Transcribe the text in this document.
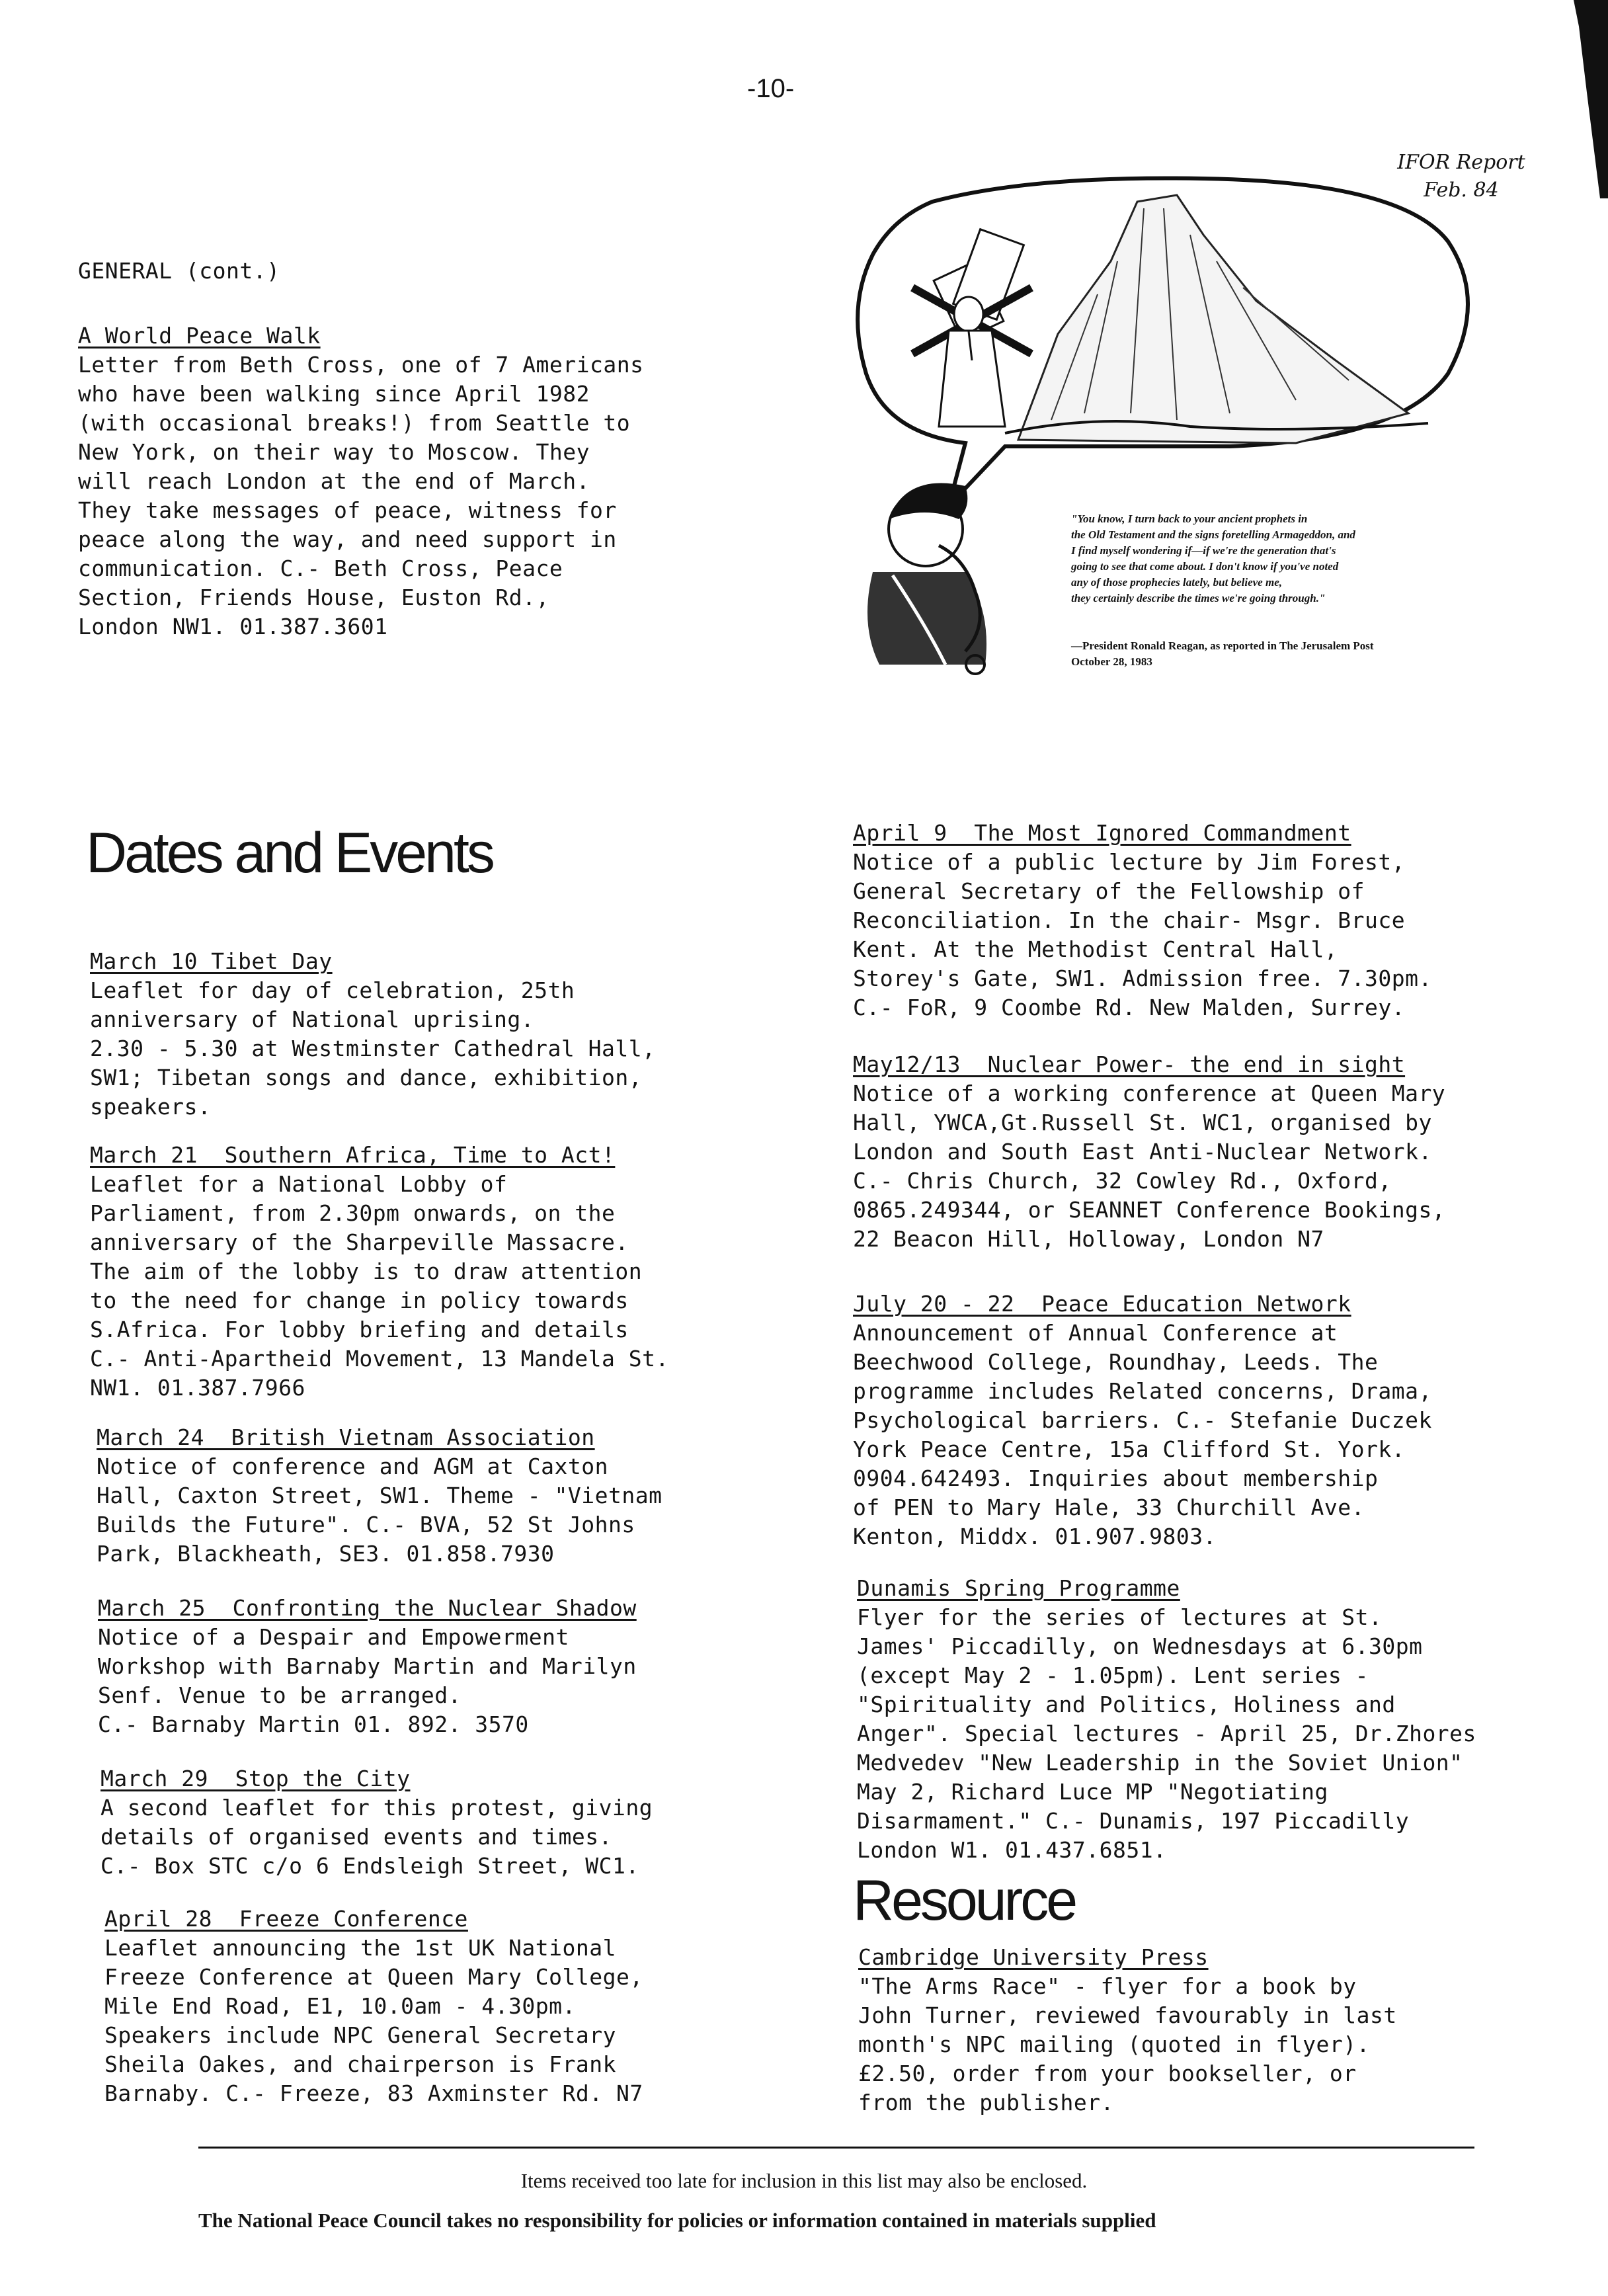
-10-
IFOR Report
Feb. 84
GENERAL (cont.)
A World Peace Walk
Letter from Beth Cross, one of 7 Americans
who have been walking since April 1982
(with occasional breaks!) from Seattle to
New York, on their way to Moscow. They
will reach London at the end of March.
They take messages of peace, witness for
peace along the way, and need support in
communication. C.- Beth Cross, Peace
Section, Friends House, Euston Rd.,
London NW1. 01.387.3601
"You know, I turn back to your ancient prophets in
the Old Testament and the signs foretelling Armageddon, and
I find myself wondering if—if we're the generation that's
going to see that come about. I don't know if you've noted
any of those prophecies lately, but believe me,
they certainly describe the times we're going through."
—President Ronald Reagan, as reported in The Jerusalem Post
October 28, 1983
Dates and Events
March 10 Tibet Day
Leaflet for day of celebration, 25th
anniversary of National uprising.
2.30 - 5.30 at Westminster Cathedral Hall,
SW1; Tibetan songs and dance, exhibition,
speakers.
March 21  Southern Africa, Time to Act!
Leaflet for a National Lobby of
Parliament, from 2.30pm onwards, on the
anniversary of the Sharpeville Massacre.
The aim of the lobby is to draw attention
to the need for change in policy towards
S.Africa. For lobby briefing and details
C.- Anti-Apartheid Movement, 13 Mandela St.
NW1. 01.387.7966
March 24  British Vietnam Association
Notice of conference and AGM at Caxton
Hall, Caxton Street, SW1. Theme - "Vietnam
Builds the Future". C.- BVA, 52 St Johns
Park, Blackheath, SE3. 01.858.7930
March 25  Confronting the Nuclear Shadow
Notice of a Despair and Empowerment
Workshop with Barnaby Martin and Marilyn
Senf. Venue to be arranged.
C.- Barnaby Martin 01. 892. 3570
March 29  Stop the City
A second leaflet for this protest, giving
details of organised events and times.
C.- Box STC c/o 6 Endsleigh Street, WC1.
April 28  Freeze Conference
Leaflet announcing the 1st UK National
Freeze Conference at Queen Mary College,
Mile End Road, E1, 10.0am - 4.30pm.
Speakers include NPC General Secretary
Sheila Oakes, and chairperson is Frank
Barnaby. C.- Freeze, 83 Axminster Rd. N7
April 9  The Most Ignored Commandment
Notice of a public lecture by Jim Forest,
General Secretary of the Fellowship of
Reconciliation. In the chair- Msgr. Bruce
Kent. At the Methodist Central Hall,
Storey's Gate, SW1. Admission free. 7.30pm.
C.- FoR, 9 Coombe Rd. New Malden, Surrey.
May12/13  Nuclear Power- the end in sight
Notice of a working conference at Queen Mary
Hall, YWCA,Gt.Russell St. WC1, organised by
London and South East Anti-Nuclear Network.
C.- Chris Church, 32 Cowley Rd., Oxford,
0865.249344, or SEANNET Conference Bookings,
22 Beacon Hill, Holloway, London N7
July 20 - 22  Peace Education Network
Announcement of Annual Conference at
Beechwood College, Roundhay, Leeds. The
programme includes Related concerns, Drama,
Psychological barriers. C.- Stefanie Duczek
York Peace Centre, 15a Clifford St. York.
0904.642493. Inquiries about membership
of PEN to Mary Hale, 33 Churchill Ave.
Kenton, Middx. 01.907.9803.
Dunamis Spring Programme
Flyer for the series of lectures at St.
James' Piccadilly, on Wednesdays at 6.30pm
(except May 2 - 1.05pm). Lent series -
"Spirituality and Politics, Holiness and
Anger". Special lectures - April 25, Dr.Zhores
Medvedev "New Leadership in the Soviet Union"
May 2, Richard Luce MP "Negotiating
Disarmament." C.- Dunamis, 197 Piccadilly
London W1. 01.437.6851.
Resource
Cambridge University Press
"The Arms Race" - flyer for a book by
John Turner, reviewed favourably in last
month's NPC mailing (quoted in flyer).
£2.50, order from your bookseller, or
from the publisher.
Items received too late for inclusion in this list may also be enclosed.
The National Peace Council takes no responsibility for policies or information contained in materials supplied
